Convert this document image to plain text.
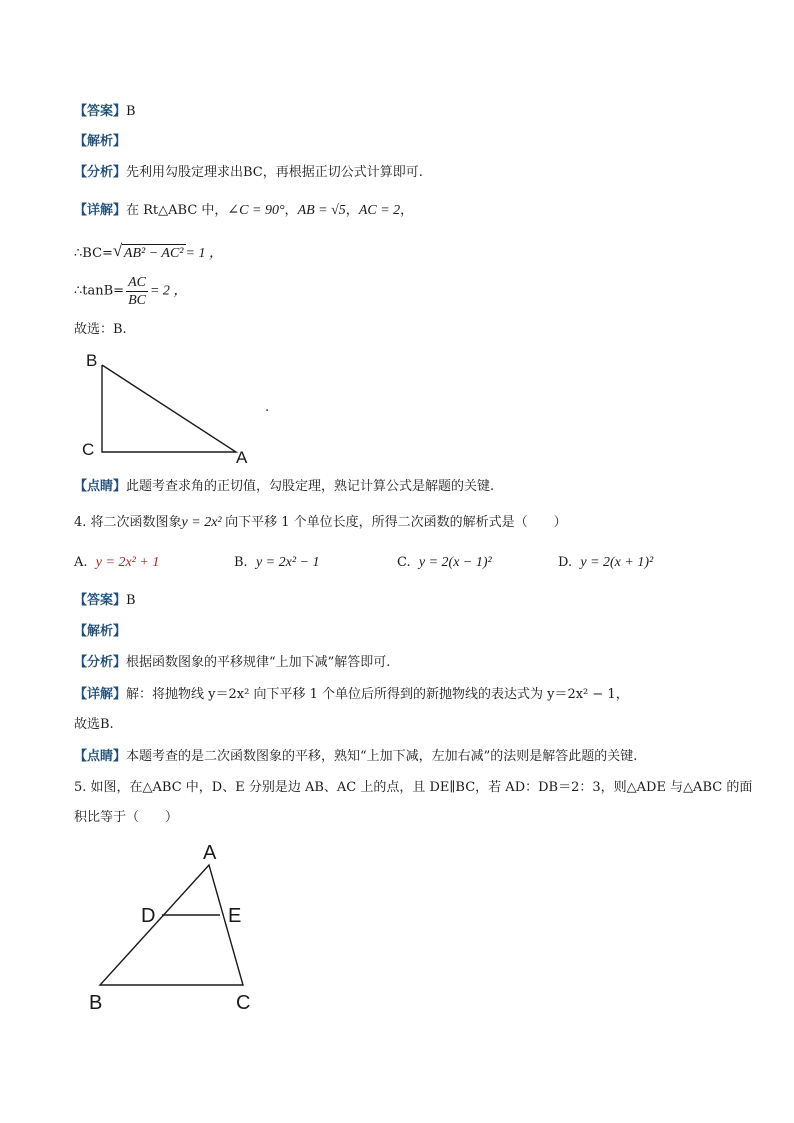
【答案】B
【解析】
【分析】先利用勾股定理求出BC，再根据正切公式计算即可.
【详解】在 Rt△ABC 中，∠C = 90°，AB = √5，AC = 2，
∴BC= √ AB² − AC² = 1 ，
∴tanB= $\frac{AC}{BC} = 2$ ，
故选：B.
B
C	A
.
【点睛】此题考查求角的正切值，勾股定理，熟记计算公式是解题的关键.
4. 将二次函数图象y = 2x² 向下平移 1 个单位长度，所得二次函数的解析式是（　　）
A. y = 2x² + 1	B. y = 2x² − 1	C. y = 2(x − 1)²	D. y = 2(x + 1)²
【答案】B
【解析】
【分析】根据函数图象的平移规律“上加下减”解答即可.
【详解】解：将抛物线 y＝2x² 向下平移 1 个单位后所得到的新抛物线的表达式为 y＝2x² − 1，
故选B.
【点睛】本题考查的是二次函数图象的平移，熟知“上加下减，左加右减”的法则是解答此题的关键.
5. 如图，在△ABC 中，D、E 分别是边 AB、AC 上的点，且 DE∥BC，若 AD：DB＝2：3，则△ADE 与△ABC 的面
积比等于（　　）
A
D	E
B	C
